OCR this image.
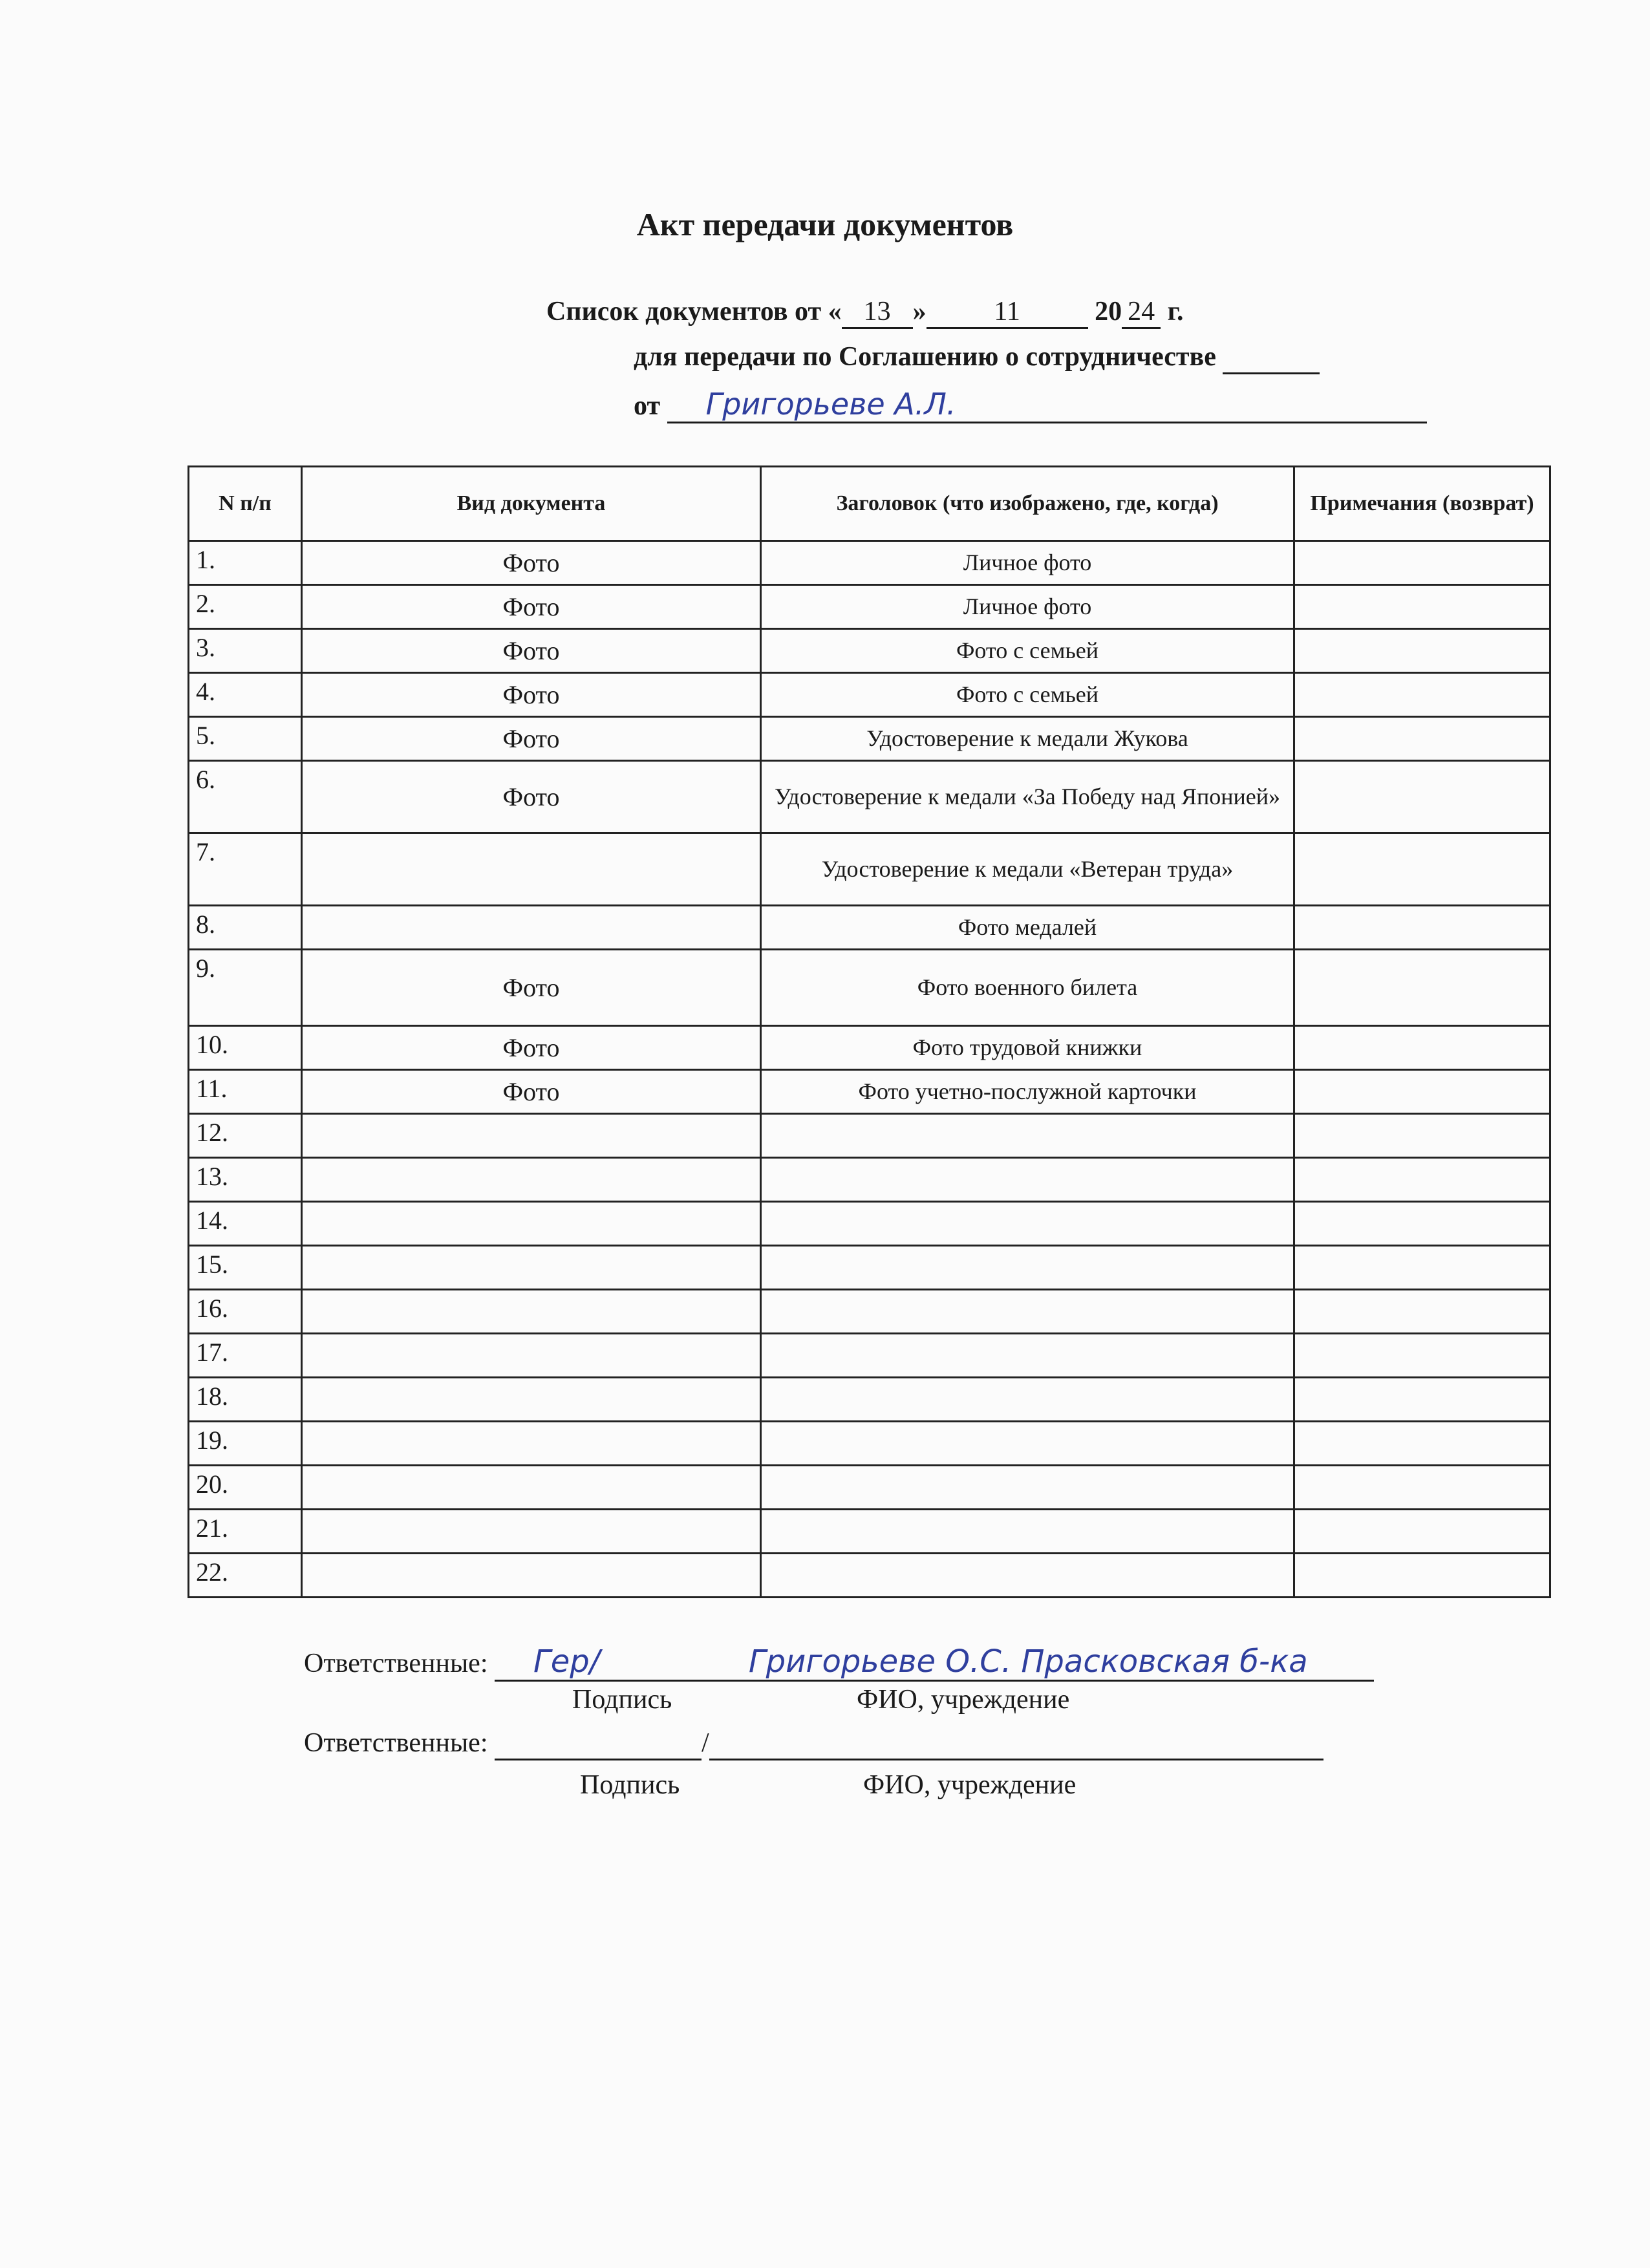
Акт передачи документов
Список документов от « 13 » 11	20 24 г.
для передачи по Соглашению о сотрудничестве
от Григорьеве А.Л.
N п/п	Вид документа	Заголовок (что изображено, где, когда)	Примечания (возврат)
1.	Фото	Личное фото	
2.	Фото	Личное фото	
3.	Фото	Фото с семьей	
4.	Фото	Фото с семьей	
5.	Фото	Удостоверение к медали Жукова	
6.	Фото	Удостоверение к медали «За Победу над Японией»	
7.		Удостоверение к медали «Ветеран труда»	
8.		Фото медалей	
9.	Фото	Фото военного билета	
10.	Фото	Фото трудовой книжки	
11.	Фото	Фото учетно-послужной карточки	
12.			
13.			
14.			
15.			
16.			
17.			
18.			
19.			
20.			
21.			
22.			
Ответственные: Гер/	Григорьеве О.С. Прасковская б-ка
Подпись	ФИО, учреждение
Ответственные:	/
Подпись	ФИО, учреждение
